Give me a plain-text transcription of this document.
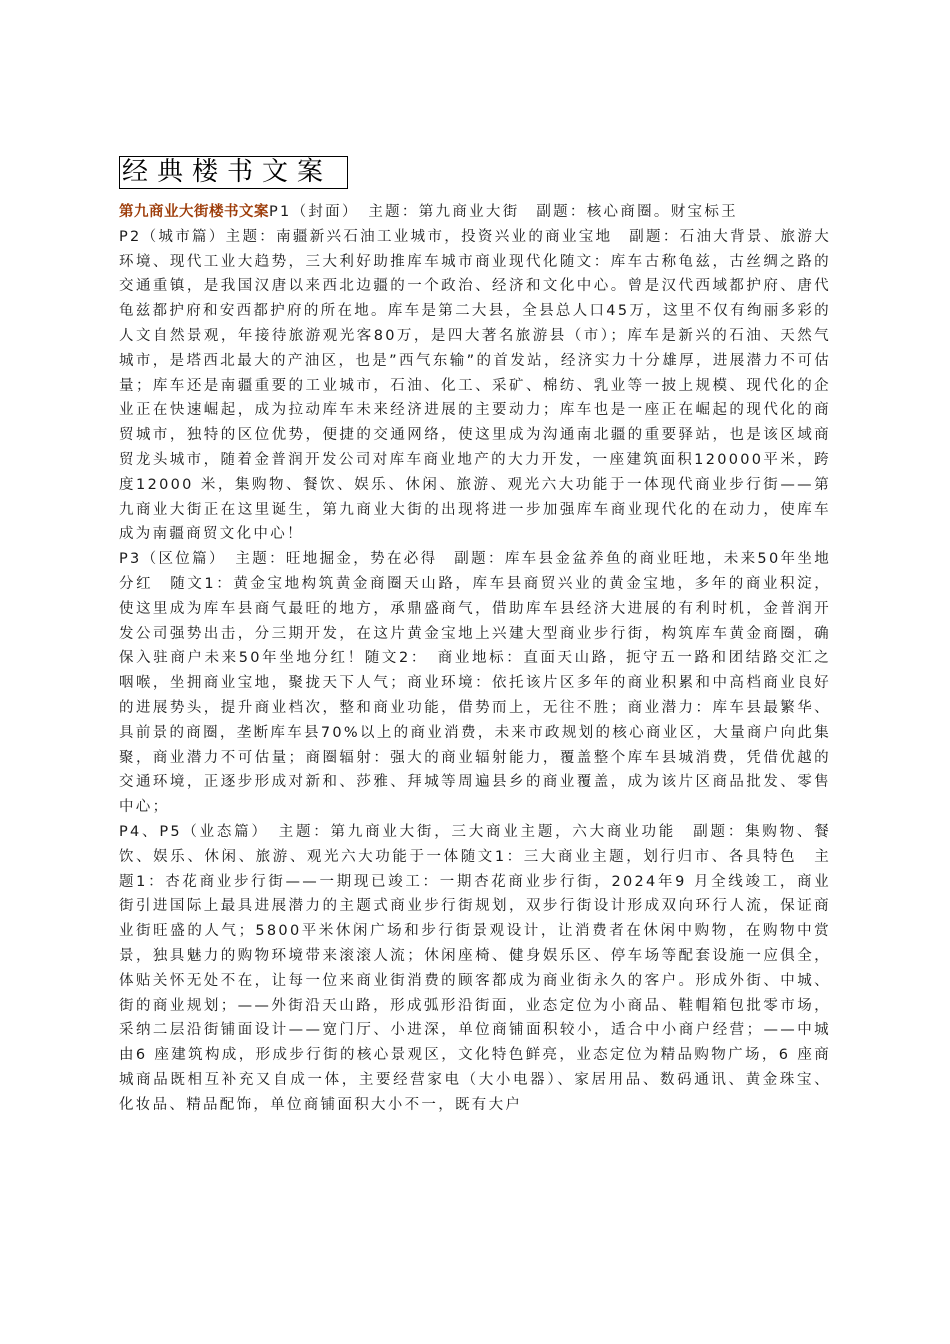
经典楼书文案

第九商业大街楼书文案P1（封面）　主题：第九商业大街　副题：核心商圈。财宝标王

P2（城市篇）主题：南疆新兴石油工业城市，投资兴业的商业宝地　副题：石油大背景、旅游大环境、现代工业大趋势，三大利好助推库车城市商业现代化随文：库车古称龟兹，古丝绸之路的交通重镇，是我国汉唐以来西北边疆的一个政治、经济和文化中心。曾是汉代西域都护府、唐代龟兹都护府和安西都护府的所在地。库车是第二大县，全县总人口45万，这里不仅有绚丽多彩的人文自然景观，年接待旅游观光客80万，是四大著名旅游县（市）；库车是新兴的石油、天然气城市，是塔西北最大的产油区，也是”西气东输”的首发站，经济实力十分雄厚，进展潜力不可估量；库车还是南疆重要的工业城市，石油、化工、采矿、棉纺、乳业等一披上规模、现代化的企业正在快速崛起，成为拉动库车未来经济进展的主要动力；库车也是一座正在崛起的现代化的商贸城市，独特的区位优势，便捷的交通网络，使这里成为沟通南北疆的重要驿站，也是该区域商贸龙头城市，随着金普润开发公司对库车商业地产的大力开发，一座建筑面积120000平米，跨度12000 米，集购物、餐饮、娱乐、休闲、旅游、观光六大功能于一体现代商业步行街——第九商业大街正在这里诞生，第九商业大街的出现将进一步加强库车商业现代化的在动力，使库车成为南疆商贸文化中心！

P3（区位篇）　主题：旺地掘金，势在必得　副题：库车县金盆养鱼的商业旺地，未来50年坐地分红　随文1：黄金宝地构筑黄金商圈天山路，库车县商贸兴业的黄金宝地，多年的商业积淀，使这里成为库车县商气最旺的地方，承鼎盛商气，借助库车县经济大进展的有利时机，金普润开发公司强势出击，分三期开发，在这片黄金宝地上兴建大型商业步行街，构筑库车黄金商圈，确保入驻商户未来50年坐地分红！随文2：　商业地标：直面天山路，扼守五一路和团结路交汇之咽喉，坐拥商业宝地，聚拢天下人气；商业环境：依托该片区多年的商业积累和中高档商业良好的进展势头，提升商业档次，整和商业功能，借势而上，无往不胜；商业潜力：库车县最繁华、具前景的商圈，垄断库车县70%以上的商业消费，未来市政规划的核心商业区，大量商户向此集聚，商业潜力不可估量；商圈辐射：强大的商业辐射能力，覆盖整个库车县城消费，凭借优越的交通环境，正逐步形成对新和、莎雅、拜城等周遍县乡的商业覆盖，成为该片区商品批发、零售中心；

P4、P5（业态篇）　主题：第九商业大街，三大商业主题，六大商业功能　副题：集购物、餐饮、娱乐、休闲、旅游、观光六大功能于一体随文1：三大商业主题，划行归市、各具特色　主题1：杏花商业步行街——一期现已竣工：一期杏花商业步行街，2024年9 月全线竣工，商业街引进国际上最具进展潜力的主题式商业步行街规划，双步行街设计形成双向环行人流，保证商业街旺盛的人气；5800平米休闲广场和步行街景观设计，让消费者在休闲中购物，在购物中赏景，独具魅力的购物环境带来滚滚人流；休闲座椅、健身娱乐区、停车场等配套设施一应俱全，体贴关怀无处不在，让每一位来商业街消费的顾客都成为商业街永久的客户。形成外街、中城、街的商业规划；——外街沿天山路，形成弧形沿街面，业态定位为小商品、鞋帽箱包批零市场，采纳二层沿街铺面设计——宽门厅、小进深，单位商铺面积较小，适合中小商户经营；——中城由6 座建筑构成，形成步行街的核心景观区，文化特色鲜亮，业态定位为精品购物广场，6 座商城商品既相互补充又自成一体，主要经营家电（大小电器）、家居用品、数码通讯、黄金珠宝、化妆品、精品配饰，单位商铺面积大小不一，既有大户
